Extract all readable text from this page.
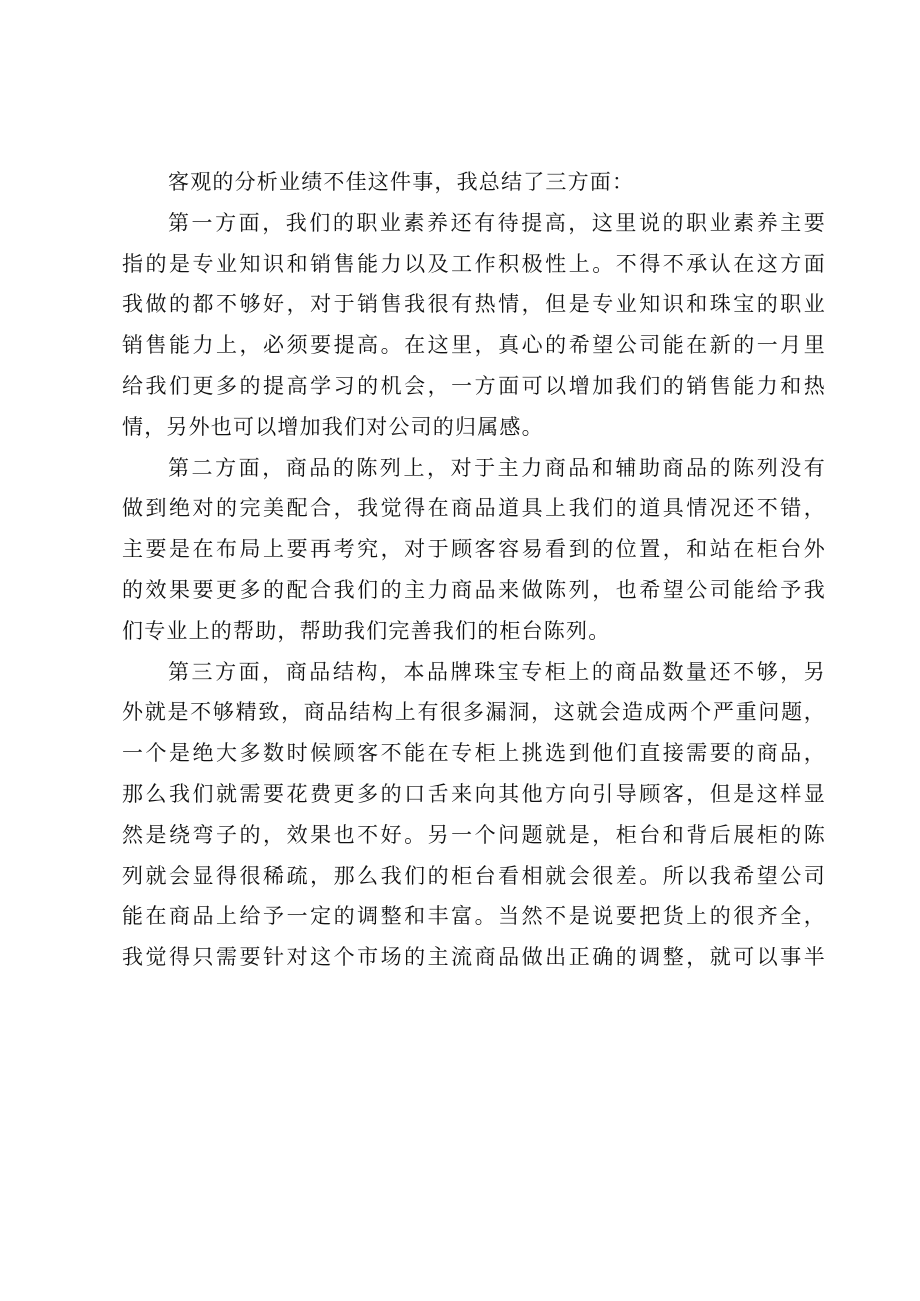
客观的分析业绩不佳这件事，我总结了三方面：
第一方面，我们的职业素养还有待提高，这里说的职业素养主要
指的是专业知识和销售能力以及工作积极性上。不得不承认在这方面
我做的都不够好，对于销售我很有热情，但是专业知识和珠宝的职业
销售能力上，必须要提高。在这里，真心的希望公司能在新的一月里
给我们更多的提高学习的机会，一方面可以增加我们的销售能力和热
情，另外也可以增加我们对公司的归属感。
第二方面，商品的陈列上，对于主力商品和辅助商品的陈列没有
做到绝对的完美配合，我觉得在商品道具上我们的道具情况还不错，
主要是在布局上要再考究，对于顾客容易看到的位置，和站在柜台外
的效果要更多的配合我们的主力商品来做陈列，也希望公司能给予我
们专业上的帮助，帮助我们完善我们的柜台陈列。
第三方面，商品结构，本品牌珠宝专柜上的商品数量还不够，另
外就是不够精致，商品结构上有很多漏洞，这就会造成两个严重问题，
一个是绝大多数时候顾客不能在专柜上挑选到他们直接需要的商品，
那么我们就需要花费更多的口舌来向其他方向引导顾客，但是这样显
然是绕弯子的，效果也不好。另一个问题就是，柜台和背后展柜的陈
列就会显得很稀疏，那么我们的柜台看相就会很差。所以我希望公司
能在商品上给予一定的调整和丰富。当然不是说要把货上的很齐全，
我觉得只需要针对这个市场的主流商品做出正确的调整，就可以事半
